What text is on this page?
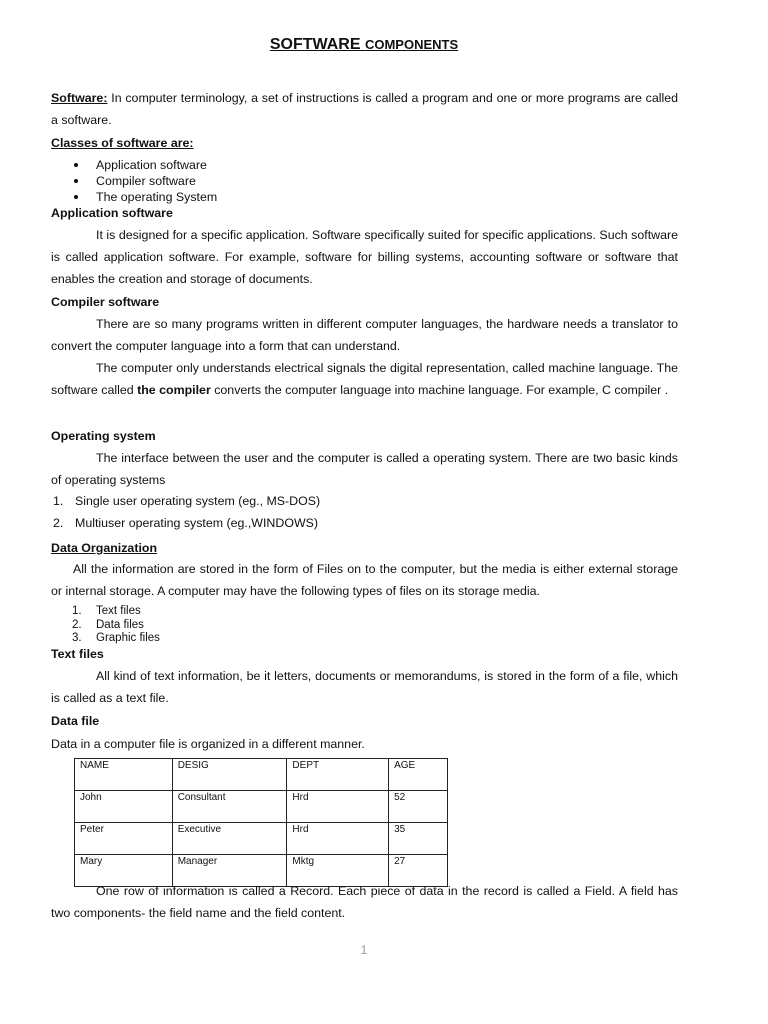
SOFTWARE COMPONENTS
Software: In computer terminology, a set of instructions is called a program and one or more programs are called a software.
Classes of software are:
Application software
Compiler software
The operating System
Application software
It is designed for a specific application. Software specifically suited for specific applications. Such software is called application software. For example, software for billing systems, accounting software or software that enables the creation and storage of documents.
Compiler software
There are so many programs written in different computer languages, the hardware needs a translator to convert the computer language into a form that can understand.
The computer only understands electrical signals the digital representation, called machine language. The software called the compiler converts the computer language into machine language. For example, C compiler .
Operating system
The interface between the user and the computer is called a operating system. There are two basic kinds of operating systems
1. Single user operating system (eg., MS-DOS)
2. Multiuser operating system (eg.,WINDOWS)
Data Organization
All the information are stored in the form of Files on to the computer, but the media is either external storage or internal storage. A computer may have the following types of files on its storage media.
1. Text files
2. Data files
3. Graphic files
Text files
All kind of text information, be it letters, documents or memorandums, is stored in the form of a file, which is called as a text file.
Data file
Data in a computer file is organized in a different manner.
NAME	DESIG	DEPT	AGE
John	Consultant	Hrd	52
Peter	Executive	Hrd	35
Mary	Manager	Mktg	27
One row of information is called a Record. Each piece of data in the record is called a Field. A field has two components- the field name and the field content.
1
